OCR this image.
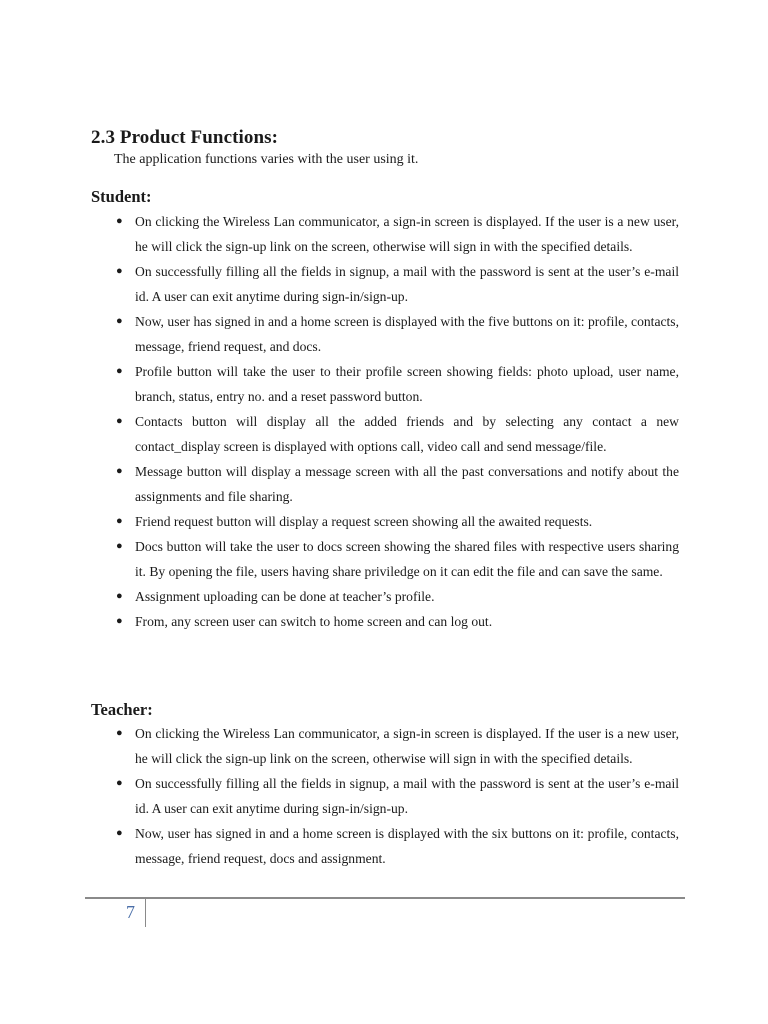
2.3 Product Functions:

The application functions varies with the user using it.

Student:
● On clicking the Wireless Lan communicator, a sign-in screen is displayed. If the user is a new user, he will click the sign-up link on the screen, otherwise will sign in with the specified details.
● On successfully filling all the fields in signup, a mail with the password is sent at the user’s e-mail id. A user can exit anytime during sign-in/sign-up.
● Now, user has signed in and a home screen is displayed with the five buttons on it: profile, contacts, message, friend request, and docs.
● Profile button will take the user to their profile screen showing fields: photo upload, user name, branch, status, entry no. and a reset password button.
● Contacts button will display all the added friends and by selecting any contact a new contact_display screen is displayed with options call, video call and send message/file.
● Message button will display a message screen with all the past conversations and notify about the assignments and file sharing.
● Friend request button will display a request screen showing all the awaited requests.
● Docs button will take the user to docs screen showing the shared files with respective users sharing it. By opening the file, users having share priviledge on it can edit the file and can save the same.
● Assignment uploading can be done at teacher’s profile.
● From, any screen user can switch to home screen and can log out.
Teacher:
● On clicking the Wireless Lan communicator, a sign-in screen is displayed. If the user is a new user, he will click the sign-up link on the screen, otherwise will sign in with the specified details.
● On successfully filling all the fields in signup, a mail with the password is sent at the user’s e-mail id. A user can exit anytime during sign-in/sign-up.
● Now, user has signed in and a home screen is displayed with the six buttons on it: profile, contacts, message, friend request, docs and assignment.
7
